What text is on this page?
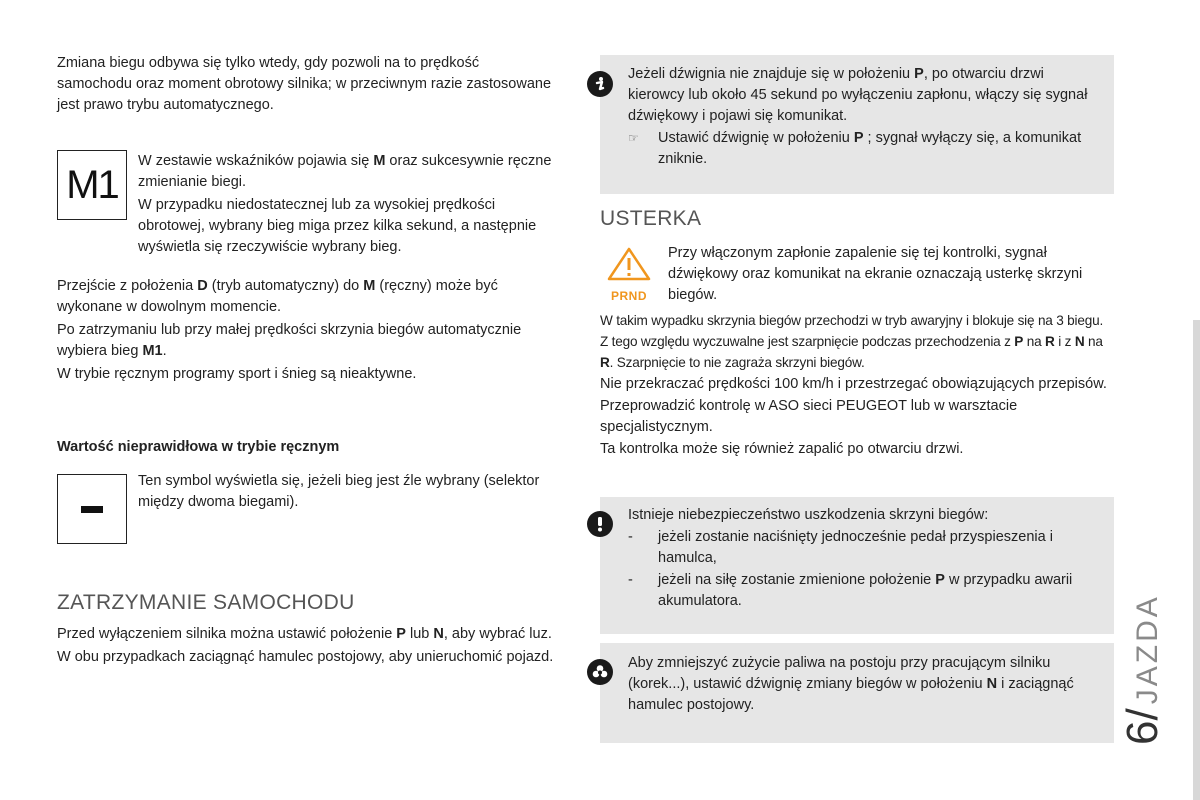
Zmiana biegu odbywa się tylko wtedy, gdy pozwoli na to prędkość samochodu oraz moment obrotowy silnika; w przeciwnym razie zastosowane jest prawo trybu automatycznego.

M1

W zestawie wskaźników pojawia się M oraz sukcesywnie ręczne zmienianie biegi.

W przypadku niedostatecznej lub za wysokiej prędkości obrotowej, wybrany bieg miga przez kilka sekund, a następnie wyświetla się rzeczywiście wybrany bieg.

Przejście z położenia D (tryb automatyczny) do M (ręczny) może być wykonane w dowolnym momencie.

Po zatrzymaniu lub przy małej prędkości skrzynia biegów automatycznie wybiera bieg M1.

W trybie ręcznym programy sport i śnieg są nieaktywne.

Wartość nieprawidłowa w trybie ręcznym

Ten symbol wyświetla się, jeżeli bieg jest źle wybrany (selektor między dwoma biegami).

ZATRZYMANIE SAMOCHODU

Przed wyłączeniem silnika można ustawić położenie P lub N, aby wybrać luz.

W obu przypadkach zaciągnąć hamulec postojowy, aby unieruchomić pojazd.

Jeżeli dźwignia nie znajduje się w położeniu P, po otwarciu drzwi kierowcy lub około 45 sekund po wyłączeniu zapłonu, włączy się sygnał dźwiękowy i pojawi się komunikat.

☞	Ustawić dźwignię w położeniu P ; sygnał wyłączy się, a komunikat zniknie.

USTERKA

PRND

Przy włączonym zapłonie zapalenie się tej kontrolki, sygnał dźwiękowy oraz komunikat na ekranie oznaczają usterkę skrzyni biegów.

W takim wypadku skrzynia biegów przechodzi w tryb awaryjny i blokuje się na 3 biegu. Z tego względu wyczuwalne jest szarpnięcie podczas przechodzenia z P na R i z N na R. Szarpnięcie to nie zagraża skrzyni biegów.

Nie przekraczać prędkości 100 km/h i przestrzegać obowiązujących przepisów.

Przeprowadzić kontrolę w ASO sieci PEUGEOT lub w warsztacie specjalistycznym.

Ta kontrolka może się również zapalić po otwarciu drzwi.

Istnieje niebezpieczeństwo uszkodzenia skrzyni biegów:

-	jeżeli zostanie naciśnięty jednocześnie pedał przyspieszenia i hamulca,

-	jeżeli na siłę zostanie zmienione położenie P w przypadku awarii akumulatora.

Aby zmniejszyć zużycie paliwa na postoju przy pracującym silniku (korek...), ustawić dźwignię zmiany biegów w położeniu N i zaciągnąć hamulec postojowy.

6/ JAZDA
